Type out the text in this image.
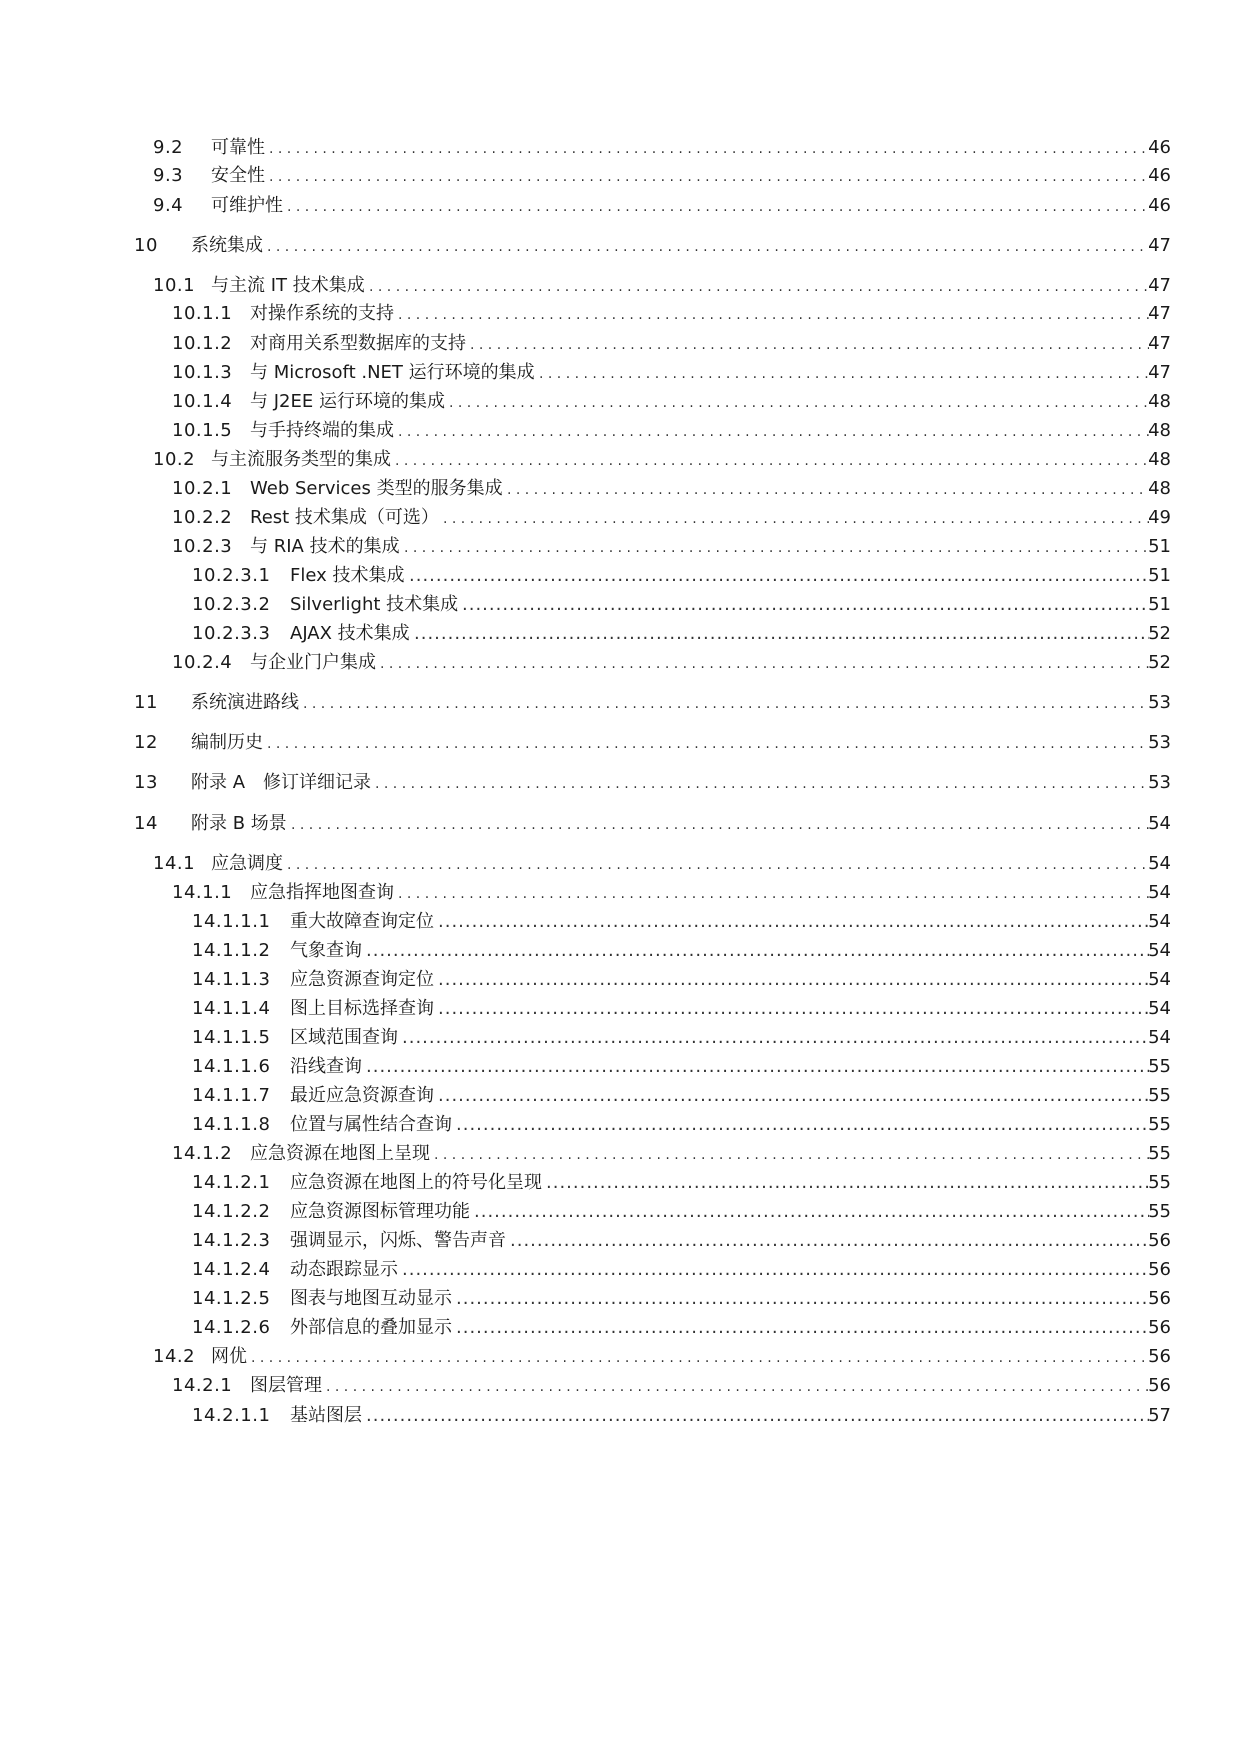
9.2 可靠性 . . .	46
9.3 安全性 . . .	46
9.4 可维护性 . . .	46
10 系统集成 . . .	47
10.1 与主流 IT 技术集成 . . .	47
10.1.1 对操作系统的支持 . . .	47
10.1.2 对商用关系型数据库的支持 . . .	47
10.1.3 与 Microsoft .NET 运行环境的集成 . . .	47
10.1.4 与 J2EE 运行环境的集成 . . .	48
10.1.5 与手持终端的集成 . . .	48
10.2 与主流服务类型的集成 . . .	48
10.2.1 Web Services 类型的服务集成 . . .	48
10.2.2 Rest 技术集成（可选） . . .	49
10.2.3 与 RIA 技术的集成 . . .	51
10.2.3.1 Flex 技术集成 .....	51
10.2.3.2 Silverlight 技术集成 .....	51
10.2.3.3 AJAX 技术集成 .....	52
10.2.4 与企业门户集成 . . .	52
11 系统演进路线 . . .	53
12 编制历史 . . .	53
13 附录 A　修订详细记录 . . .	53
14 附录 B 场景 . . .	54
14.1 应急调度 . . .	54
14.1.1 应急指挥地图查询 . . .	54
14.1.1.1 重大故障查询定位 .....	54
14.1.1.2 气象查询 .....	54
14.1.1.3 应急资源查询定位 .....	54
14.1.1.4 图上目标选择查询 .....	54
14.1.1.5 区域范围查询 .....	54
14.1.1.6 沿线查询 .....	55
14.1.1.7 最近应急资源查询 .....	55
14.1.1.8 位置与属性结合查询 .....	55
14.1.2 应急资源在地图上呈现 . . .	55
14.1.2.1 应急资源在地图上的符号化呈现 .....	55
14.1.2.2 应急资源图标管理功能 .....	55
14.1.2.3 强调显示，闪烁、警告声音 .....	56
14.1.2.4 动态跟踪显示 .....	56
14.1.2.5 图表与地图互动显示 .....	56
14.1.2.6 外部信息的叠加显示 .....	56
14.2 网优 . . .	56
14.2.1 图层管理 . . .	56
14.2.1.1 基站图层 .....	57
